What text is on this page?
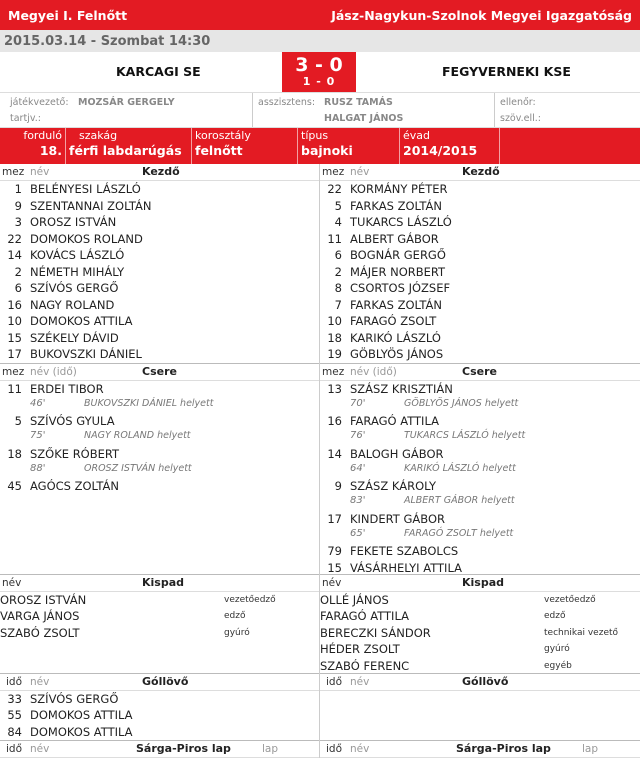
Megyei I. Felnőtt	Jász-Nagykun-Szolnok Megyei Igazgatóság
2015.03.14 - Szombat 14:30
KARCAGI SE	3 - 0
1 - 0
FEGYVERNEKI KSE
játékvezető: MOZSÁR GERGELY
tartjv.:
asszisztens: RUSZ TAMÁS
HALGAT JÁNOS
ellenőr:
szöv.ell.:
forduló
18.
szakág
férfi labdarúgás
korosztály
felnőtt
típus
bajnoki
évad
2014/2015
mez név	Kezdő
1 BELÉNYESI LÁSZLÓ
9 SZENTANNAI ZOLTÁN
3 OROSZ ISTVÁN
22 DOMOKOS ROLAND
14 KOVÁCS LÁSZLÓ
2 NÉMETH MIHÁLY
6 SZÍVÓS GERGŐ
16 NAGY ROLAND
10 DOMOKOS ATTILA
15 SZÉKELY DÁVID
17 BUKOVSZKI DÁNIEL
mez név (idő)	Csere
11 ERDEI TIBOR
46'	BUKOVSZKI DÁNIEL helyett
5 SZÍVÓS GYULA
75'	NAGY ROLAND helyett
18 SZŐKE RÓBERT
88'	OROSZ ISTVÁN helyett
45 AGÓCS ZOLTÁN
név	Kispad
OROSZ ISTVÁN	vezetőedző
VARGA JÁNOS	edző
SZABÓ ZSOLT	gyúró
idő név	Góllövő
33 SZÍVÓS GERGŐ
55 DOMOKOS ATTILA
84 DOMOKOS ATTILA
idő név	Sárga-Piros lap	lap
mez név	Kezdő
22 KORMÁNY PÉTER
5 FARKAS ZOLTÁN
4 TUKARCS LÁSZLÓ
11 ALBERT GÁBOR
6 BOGNÁR GERGŐ
2 MÁJER NORBERT
8 CSORTOS JÓZSEF
7 FARKAS ZOLTÁN
10 FARAGÓ ZSOLT
18 KARIKÓ LÁSZLÓ
19 GÖBLYÖS JÁNOS
mez név (idő)	Csere
13 SZÁSZ KRISZTIÁN
70'	GÖBLYÖS JÁNOS helyett
16 FARAGÓ ATTILA
76'	TUKARCS LÁSZLÓ helyett
14 BALOGH GÁBOR
64'	KARIKÓ LÁSZLÓ helyett
9 SZÁSZ KÁROLY
83'	ALBERT GÁBOR helyett
17 KINDERT GÁBOR
65'	FARAGÓ ZSOLT helyett
79 FEKETE SZABOLCS
15 VÁSÁRHELYI ATTILA
név	Kispad
OLLÉ JÁNOS	vezetőedző
FARAGÓ ATTILA	edző
BERECZKI SÁNDOR	technikai vezető
HÉDER ZSOLT	gyúró
SZABÓ FERENC	egyéb
idő név	Góllövő
idő név	Sárga-Piros lap	lap
